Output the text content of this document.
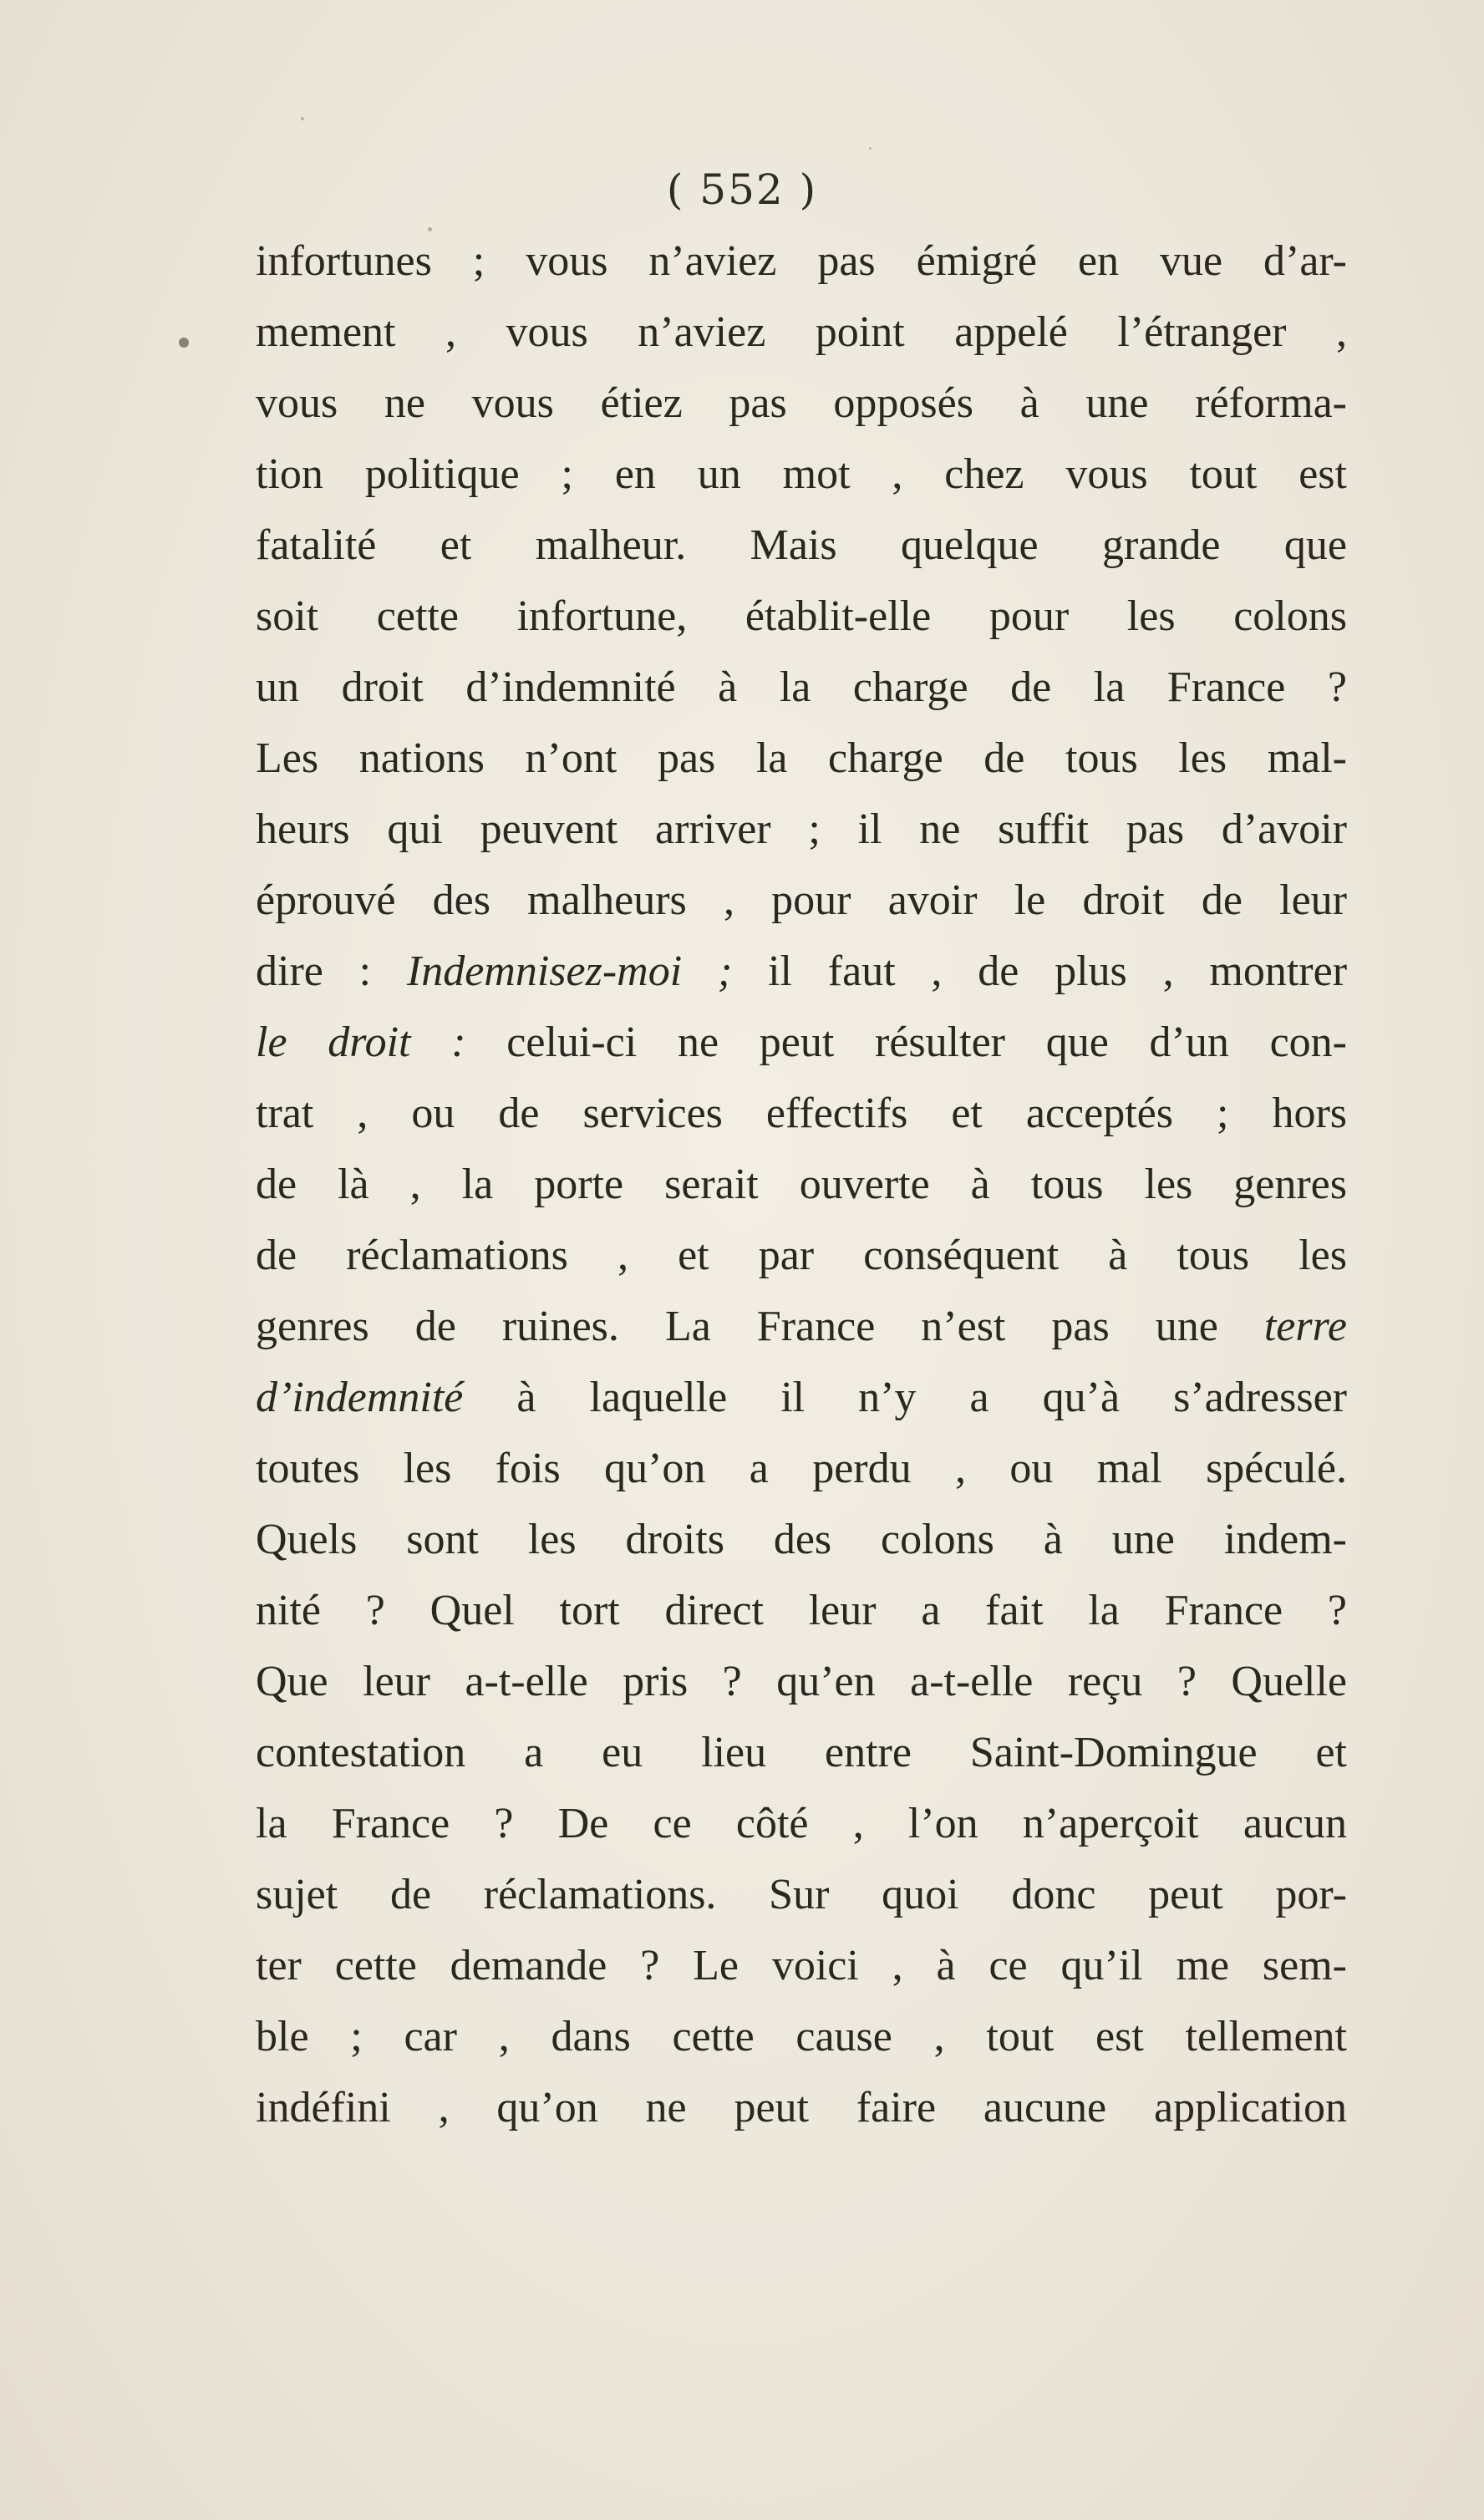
( 552 )
infortunes ; vous n’aviez pas émigré en vue d’ar-
mement , vous n’aviez point appelé l’étranger ,
vous ne vous étiez pas opposés à une réforma-
tion politique ; en un mot , chez vous tout est
fatalité et malheur. Mais quelque grande que
soit cette infortune, établit-elle pour les colons
un droit d’indemnité à la charge de la France ?
Les nations n’ont pas la charge de tous les mal-
heurs qui peuvent arriver ; il ne suffit pas d’avoir
éprouvé des malheurs , pour avoir le droit de leur
dire : Indemnisez-moi ; il faut , de plus , montrer
le droit : celui-ci ne peut résulter que d’un con-
trat , ou de services effectifs et acceptés ; hors
de là , la porte serait ouverte à tous les genres
de réclamations , et par conséquent à tous les
genres de ruines. La France n’est pas une terre
d’indemnité à laquelle il n’y a qu’à s’adresser
toutes les fois qu’on a perdu , ou mal spéculé.
Quels sont les droits des colons à une indem-
nité ? Quel tort direct leur a fait la France ?
Que leur a-t-elle pris ? qu’en a-t-elle reçu ? Quelle
contestation a eu lieu entre Saint-Domingue et
la France ? De ce côté , l’on n’aperçoit aucun
sujet de réclamations. Sur quoi donc peut por-
ter cette demande ? Le voici , à ce qu’il me sem-
ble ; car , dans cette cause , tout est tellement
indéfini , qu’on ne peut faire aucune application
